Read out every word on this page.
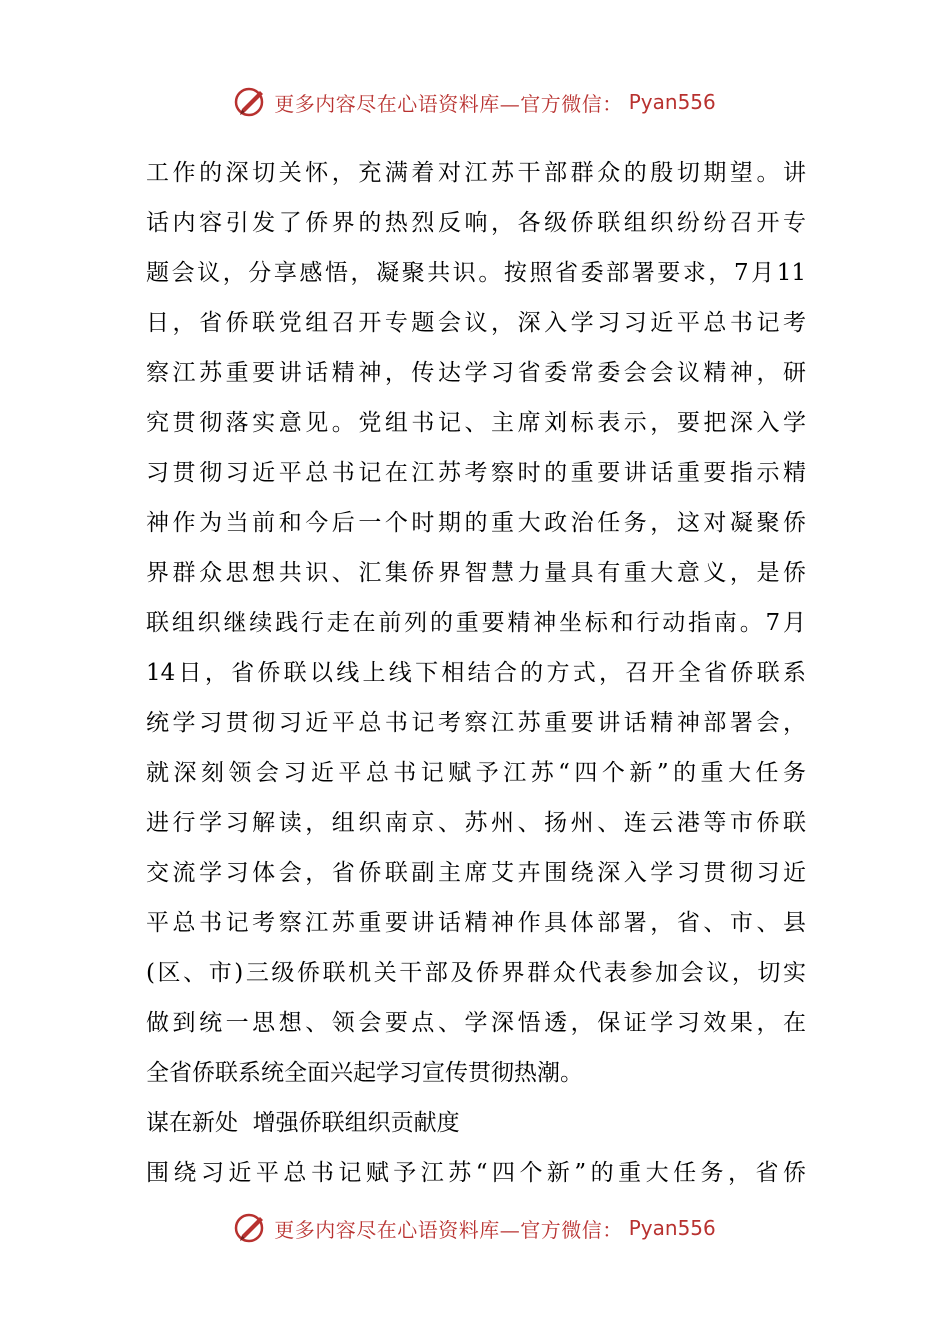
更多内容尽在心语资料库—官方微信： Pyan556
工作的深切关怀，充满着对江苏干部群众的殷切期望。讲
话内容引发了侨界的热烈反响，各级侨联组织纷纷召开专
题会议，分享感悟，凝聚共识。按照省委部署要求，7月11
日，省侨联党组召开专题会议，深入学习习近平总书记考
察江苏重要讲话精神，传达学习省委常委会会议精神，研
究贯彻落实意见。党组书记、主席刘标表示，要把深入学
习贯彻习近平总书记在江苏考察时的重要讲话重要指示精
神作为当前和今后一个时期的重大政治任务，这对凝聚侨
界群众思想共识、汇集侨界智慧力量具有重大意义，是侨
联组织继续践行走在前列的重要精神坐标和行动指南。7月
14日，省侨联以线上线下相结合的方式，召开全省侨联系
统学习贯彻习近平总书记考察江苏重要讲话精神部署会，
就深刻领会习近平总书记赋予江苏“四个新”的重大任务
进行学习解读，组织南京、苏州、扬州、连云港等市侨联
交流学习体会，省侨联副主席艾卉围绕深入学习贯彻习近
平总书记考察江苏重要讲话精神作具体部署，省、市、县
(区、市)三级侨联机关干部及侨界群众代表参加会议，切实
做到统一思想、领会要点、学深悟透，保证学习效果，在
全省侨联系统全面兴起学习宣传贯彻热潮。
谋在新处  增强侨联组织贡献度
围绕习近平总书记赋予江苏“四个新”的重大任务，省侨
更多内容尽在心语资料库—官方微信： Pyan556
